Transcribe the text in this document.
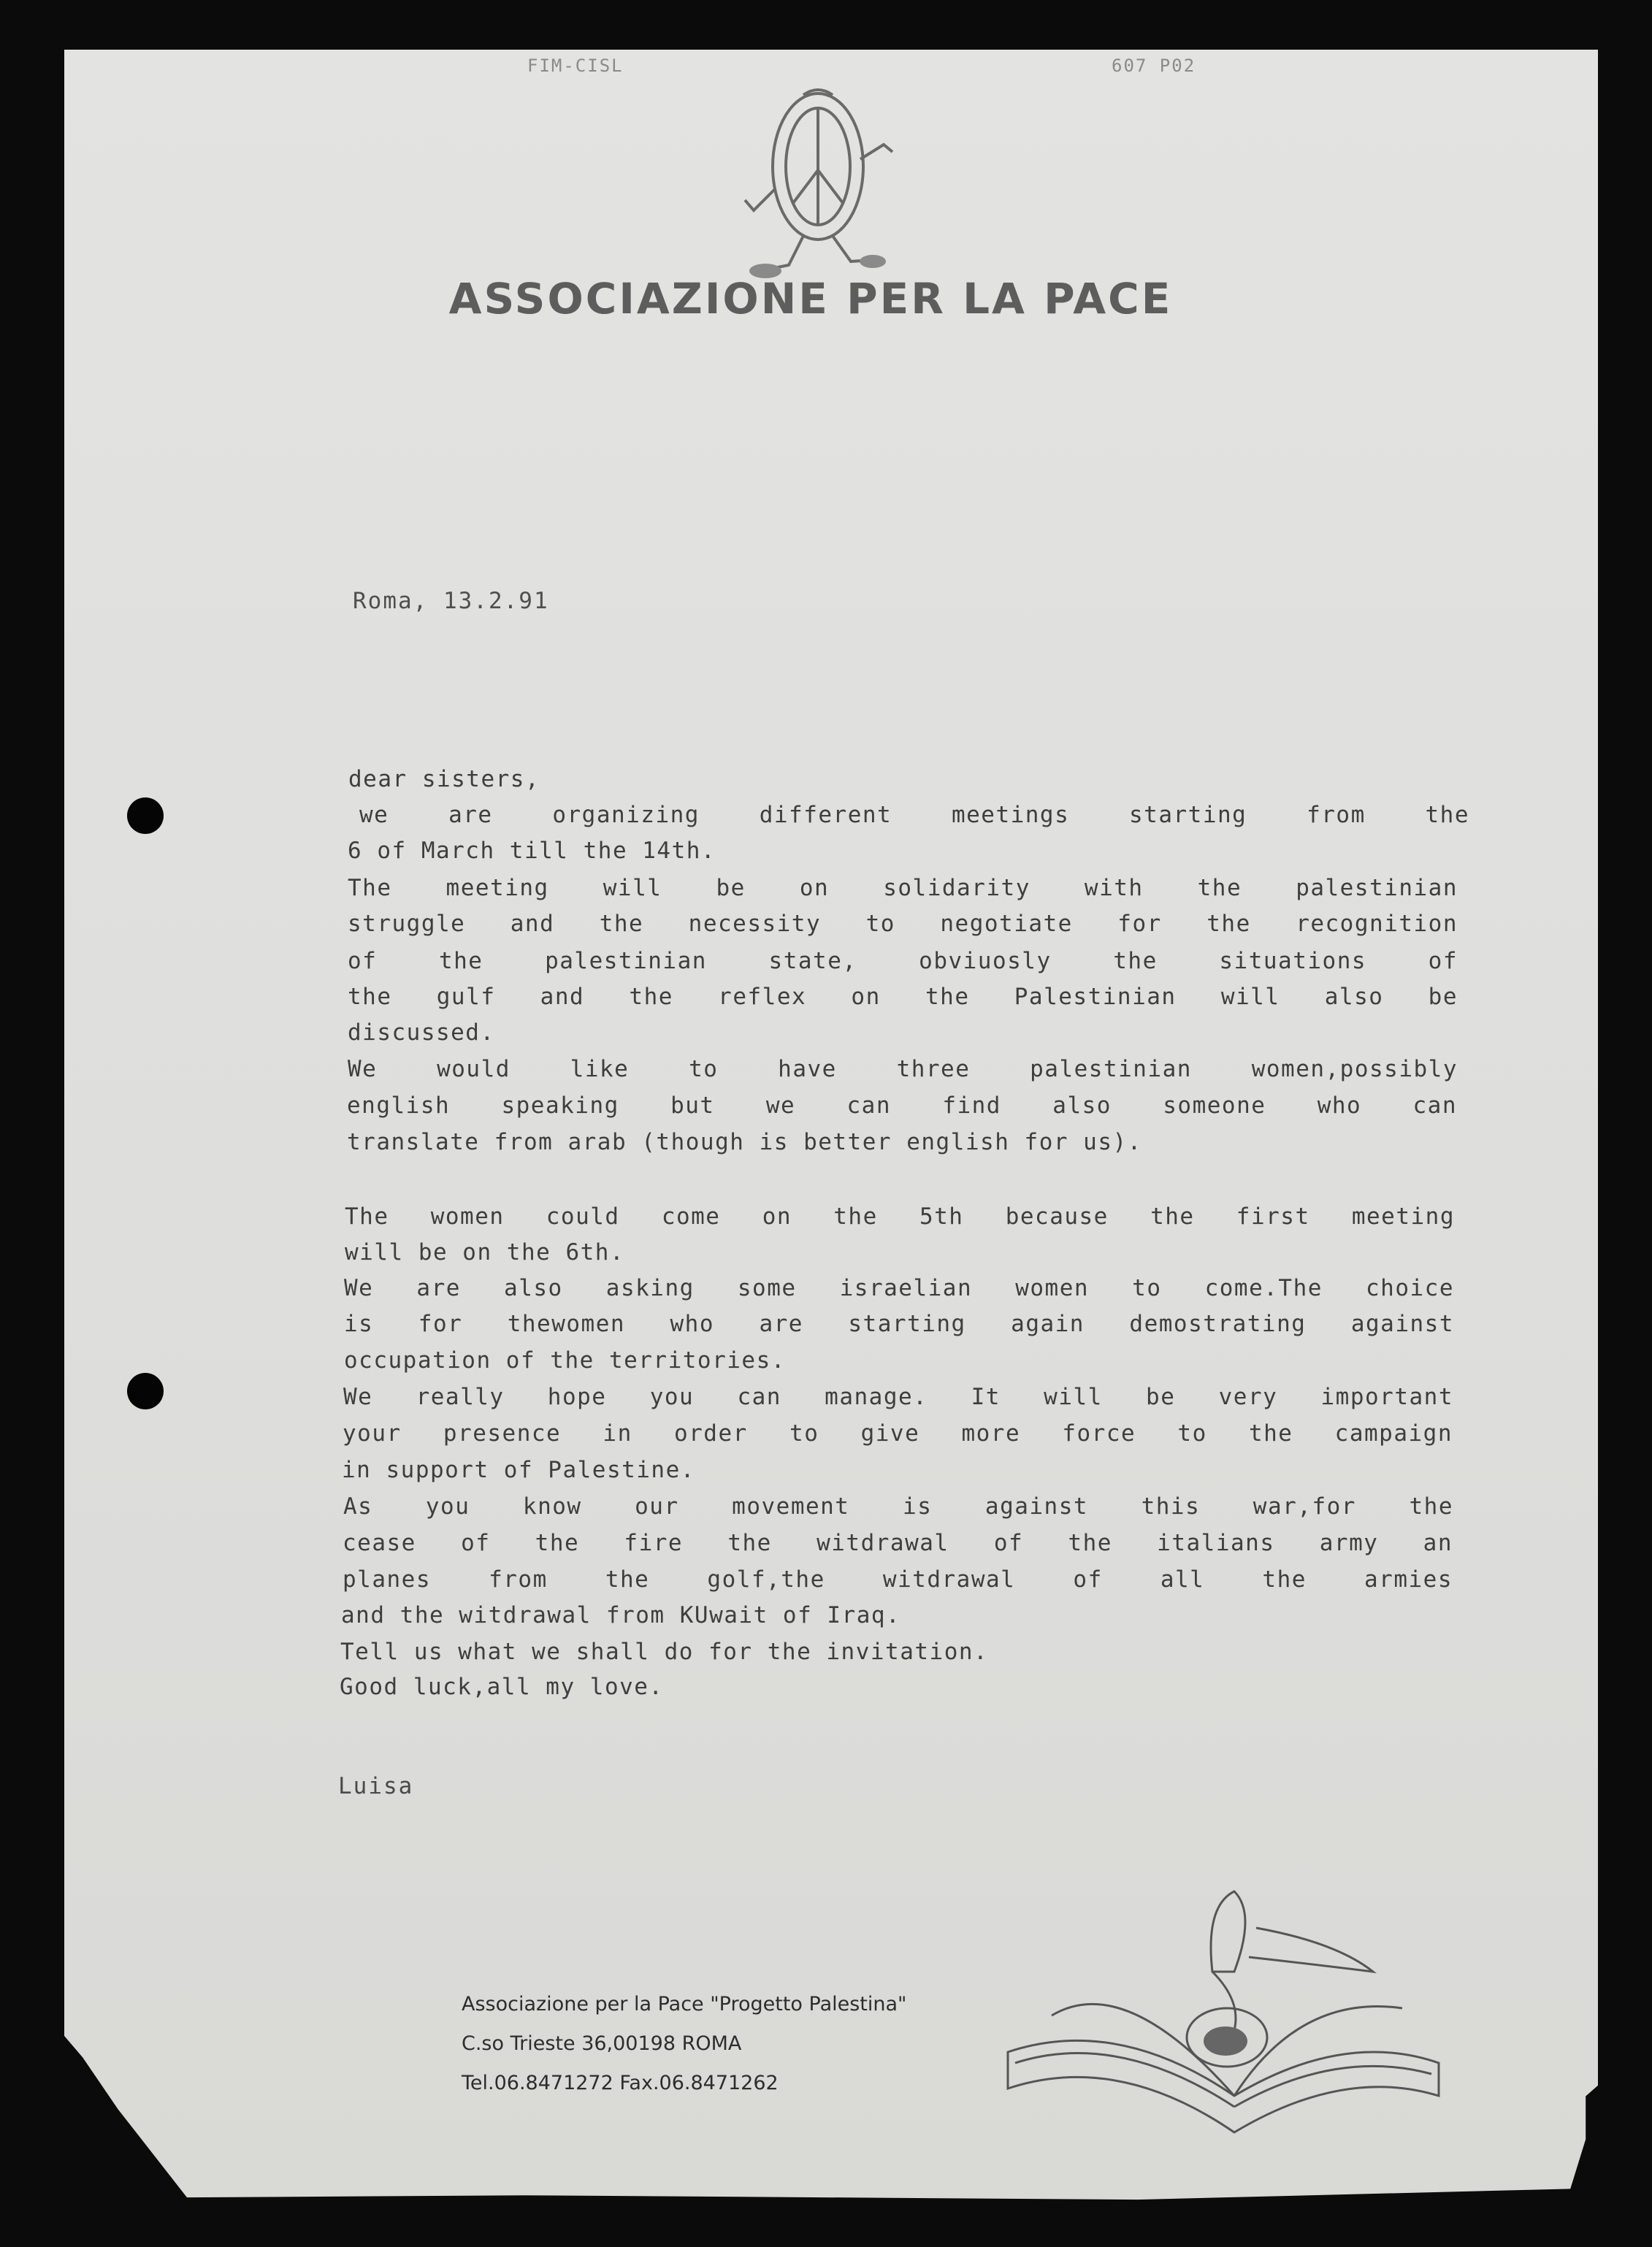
FIM-CISL	607 P02
ASSOCIAZIONE PER LA PACE
Roma, 13.2.91
dear sisters,
we are organizing different meetings starting from the
6 of March till the 14th.
The meeting will be on solidarity with the palestinian
struggle and the necessity to negotiate for the recognition
of the palestinian state, obviuosly the situations of
the gulf and the reflex on the Palestinian will also be
discussed.
We would like to have three palestinian women,possibly
english speaking but we can find also someone who can
translate from arab (though is better english for us).
The women could come on the 5th because the first meeting
will be on the 6th.
We are also asking some israelian women to come.The choice
is for thewomen who are starting again demostrating against
occupation of the territories.
We really hope you can manage. It will be very important
your presence in order to give more force to the campaign
in support of Palestine.
As you know our movement is against this war,for the
cease of the fire the witdrawal of the italians army an
planes from the golf,the witdrawal of all the armies
and the witdrawal from KUwait of Iraq.
Tell us what we shall do for the invitation.
Good luck,all my love.
Luisa
Associazione per la Pace "Progetto Palestina"
C.so Trieste 36,00198 ROMA
Tel.06.8471272 Fax.06.8471262
